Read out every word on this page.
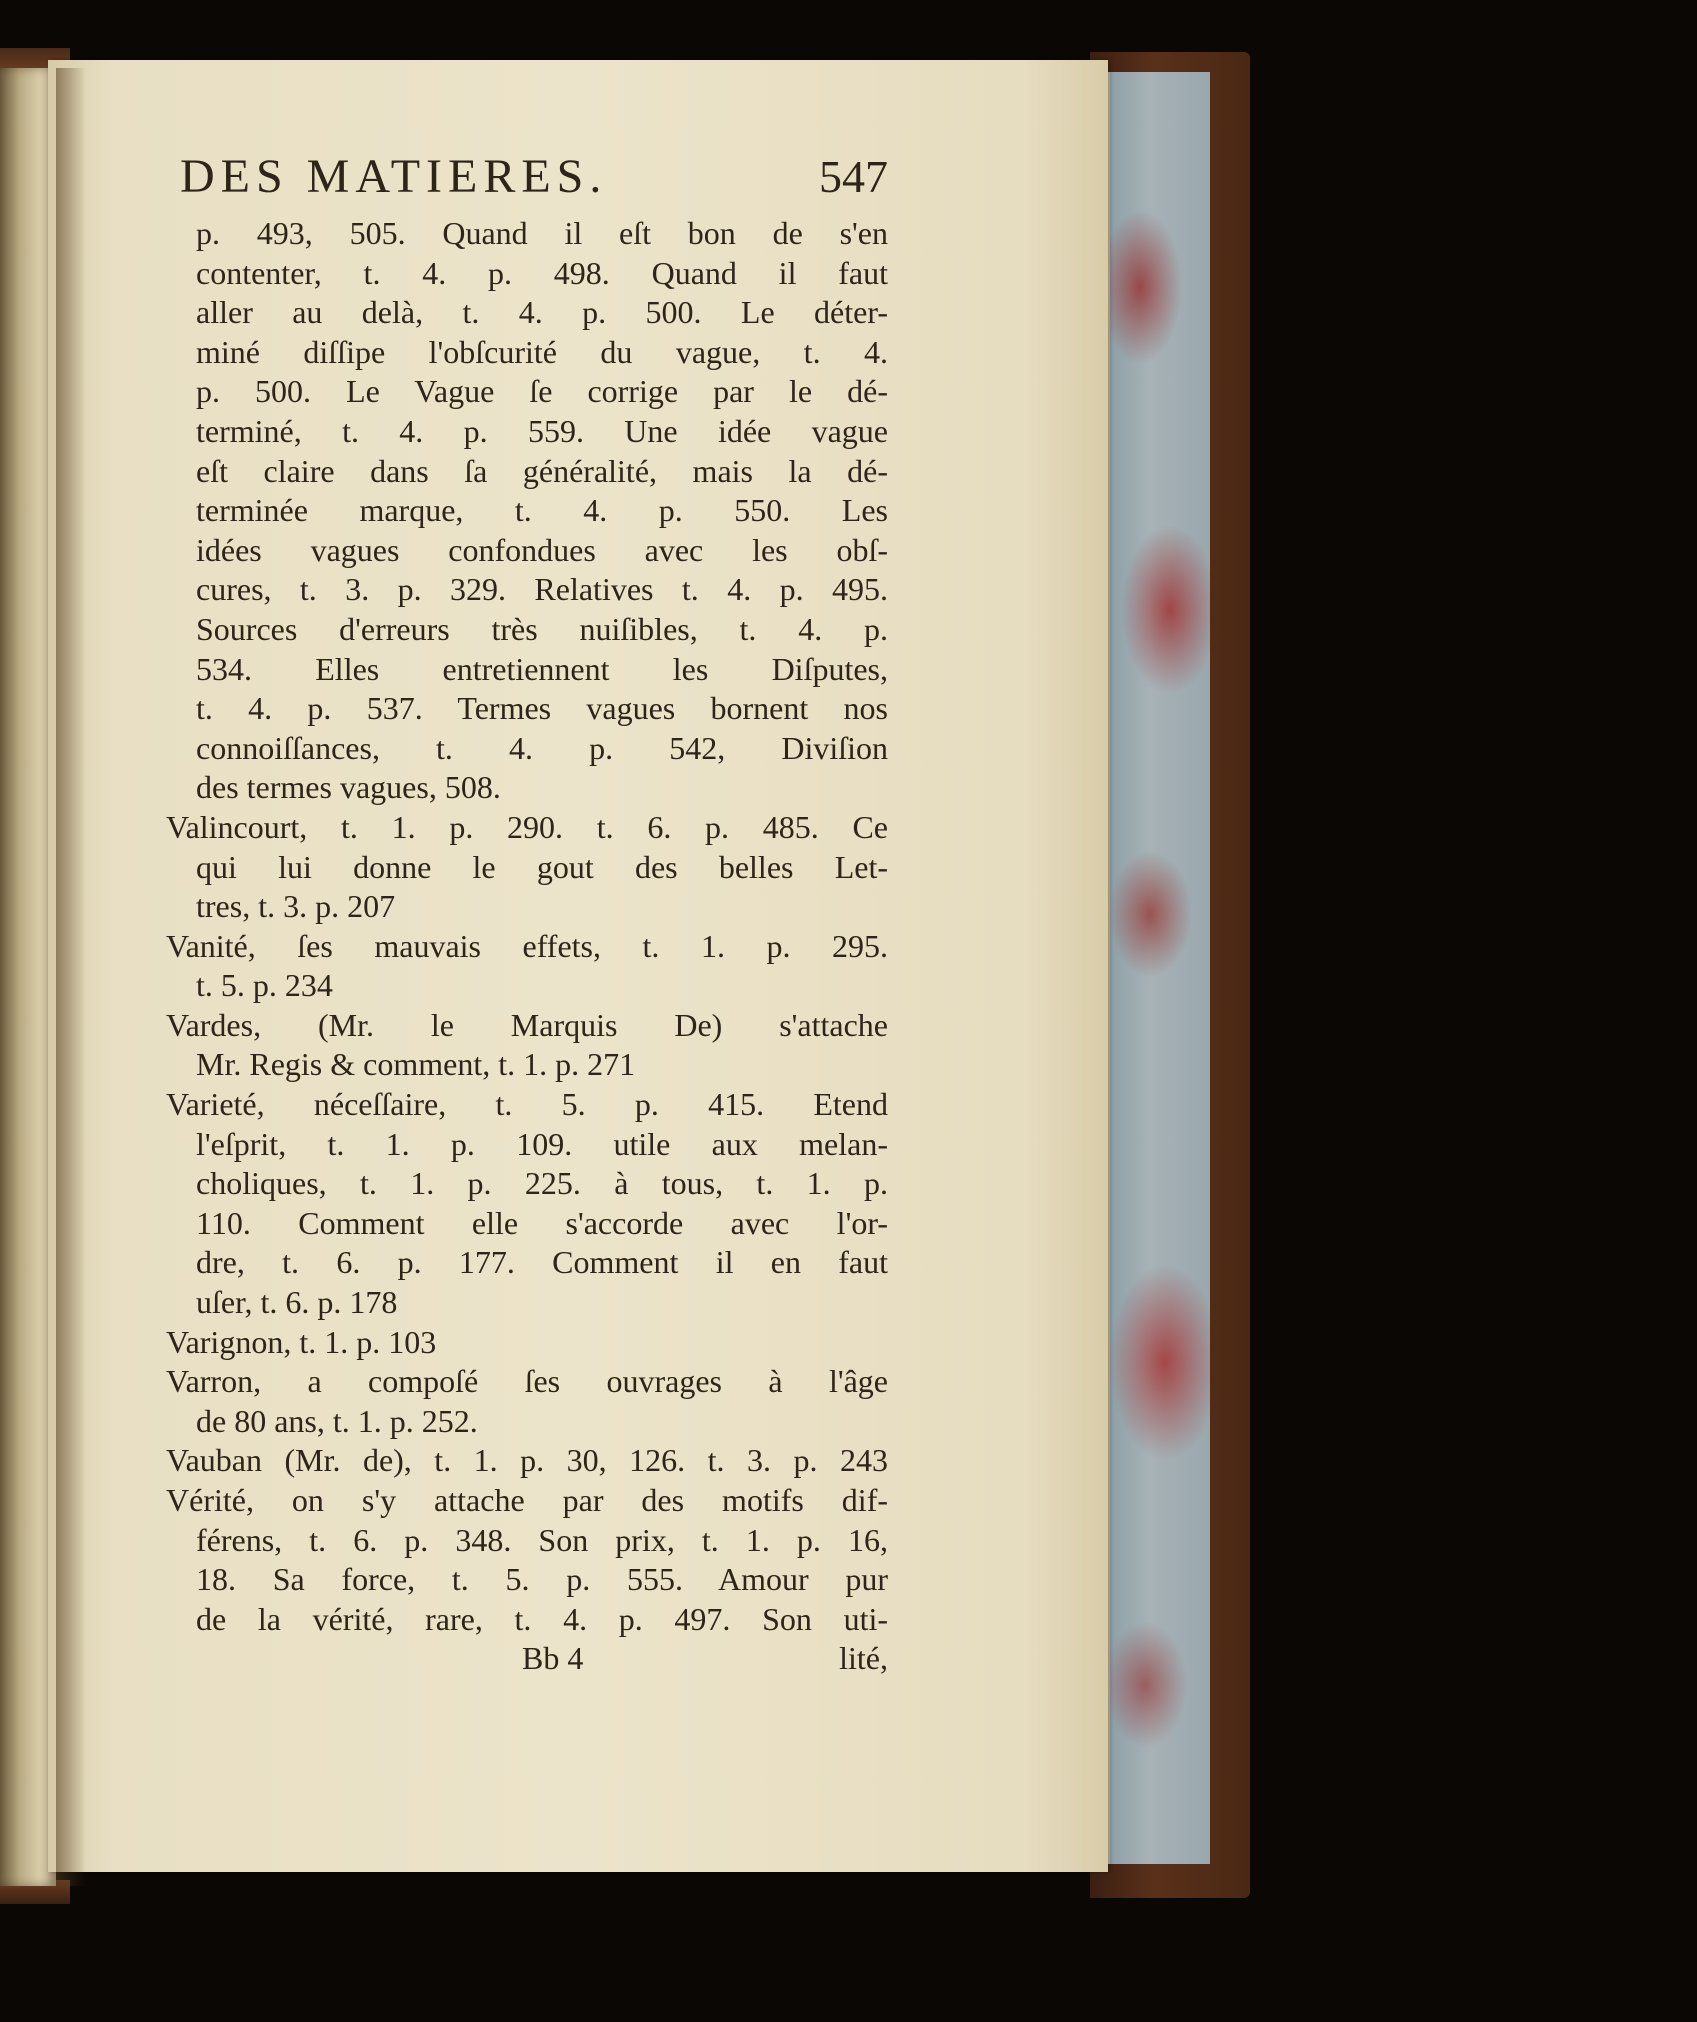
DES MATIERES.	547
p. 493, 505. Quand il eſt bon de s'en
contenter, t. 4. p. 498. Quand il faut
aller au delà, t. 4. p. 500. Le déter-
miné diſſipe l'obſcurité du vague, t. 4.
p. 500. Le Vague ſe corrige par le dé-
terminé, t. 4. p. 559. Une idée vague
eſt claire dans ſa généralité, mais la dé-
terminée marque, t. 4. p. 550. Les
idées vagues confondues avec les obſ-
cures, t. 3. p. 329. Relatives t. 4. p. 495.
Sources d'erreurs très nuiſibles, t. 4. p.
534. Elles entretiennent les Diſputes,
t. 4. p. 537. Termes vagues bornent nos
connoiſſances, t. 4. p. 542, Diviſion
des termes vagues, 508.
Valincourt, t. 1. p. 290. t. 6. p. 485. Ce
qui lui donne le gout des belles Let-
tres, t. 3. p. 207
Vanité, ſes mauvais effets, t. 1. p. 295.
t. 5. p. 234
Vardes, (Mr. le Marquis De) s'attache
Mr. Regis & comment, t. 1. p. 271
Varieté, néceſſaire, t. 5. p. 415. Etend
l'eſprit, t. 1. p. 109. utile aux melan-
choliques, t. 1. p. 225. à tous, t. 1. p.
110. Comment elle s'accorde avec l'or-
dre, t. 6. p. 177. Comment il en faut
uſer, t. 6. p. 178
Varignon, t. 1. p. 103
Varron, a compoſé ſes ouvrages à l'âge
de 80 ans, t. 1. p. 252.
Vauban (Mr. de), t. 1. p. 30, 126. t. 3. p. 243
Vérité, on s'y attache par des motifs dif-
férens, t. 6. p. 348. Son prix, t. 1. p. 16,
18. Sa force, t. 5. p. 555. Amour pur
de la vérité, rare, t. 4. p. 497. Son uti-
Bb 4	lité,
